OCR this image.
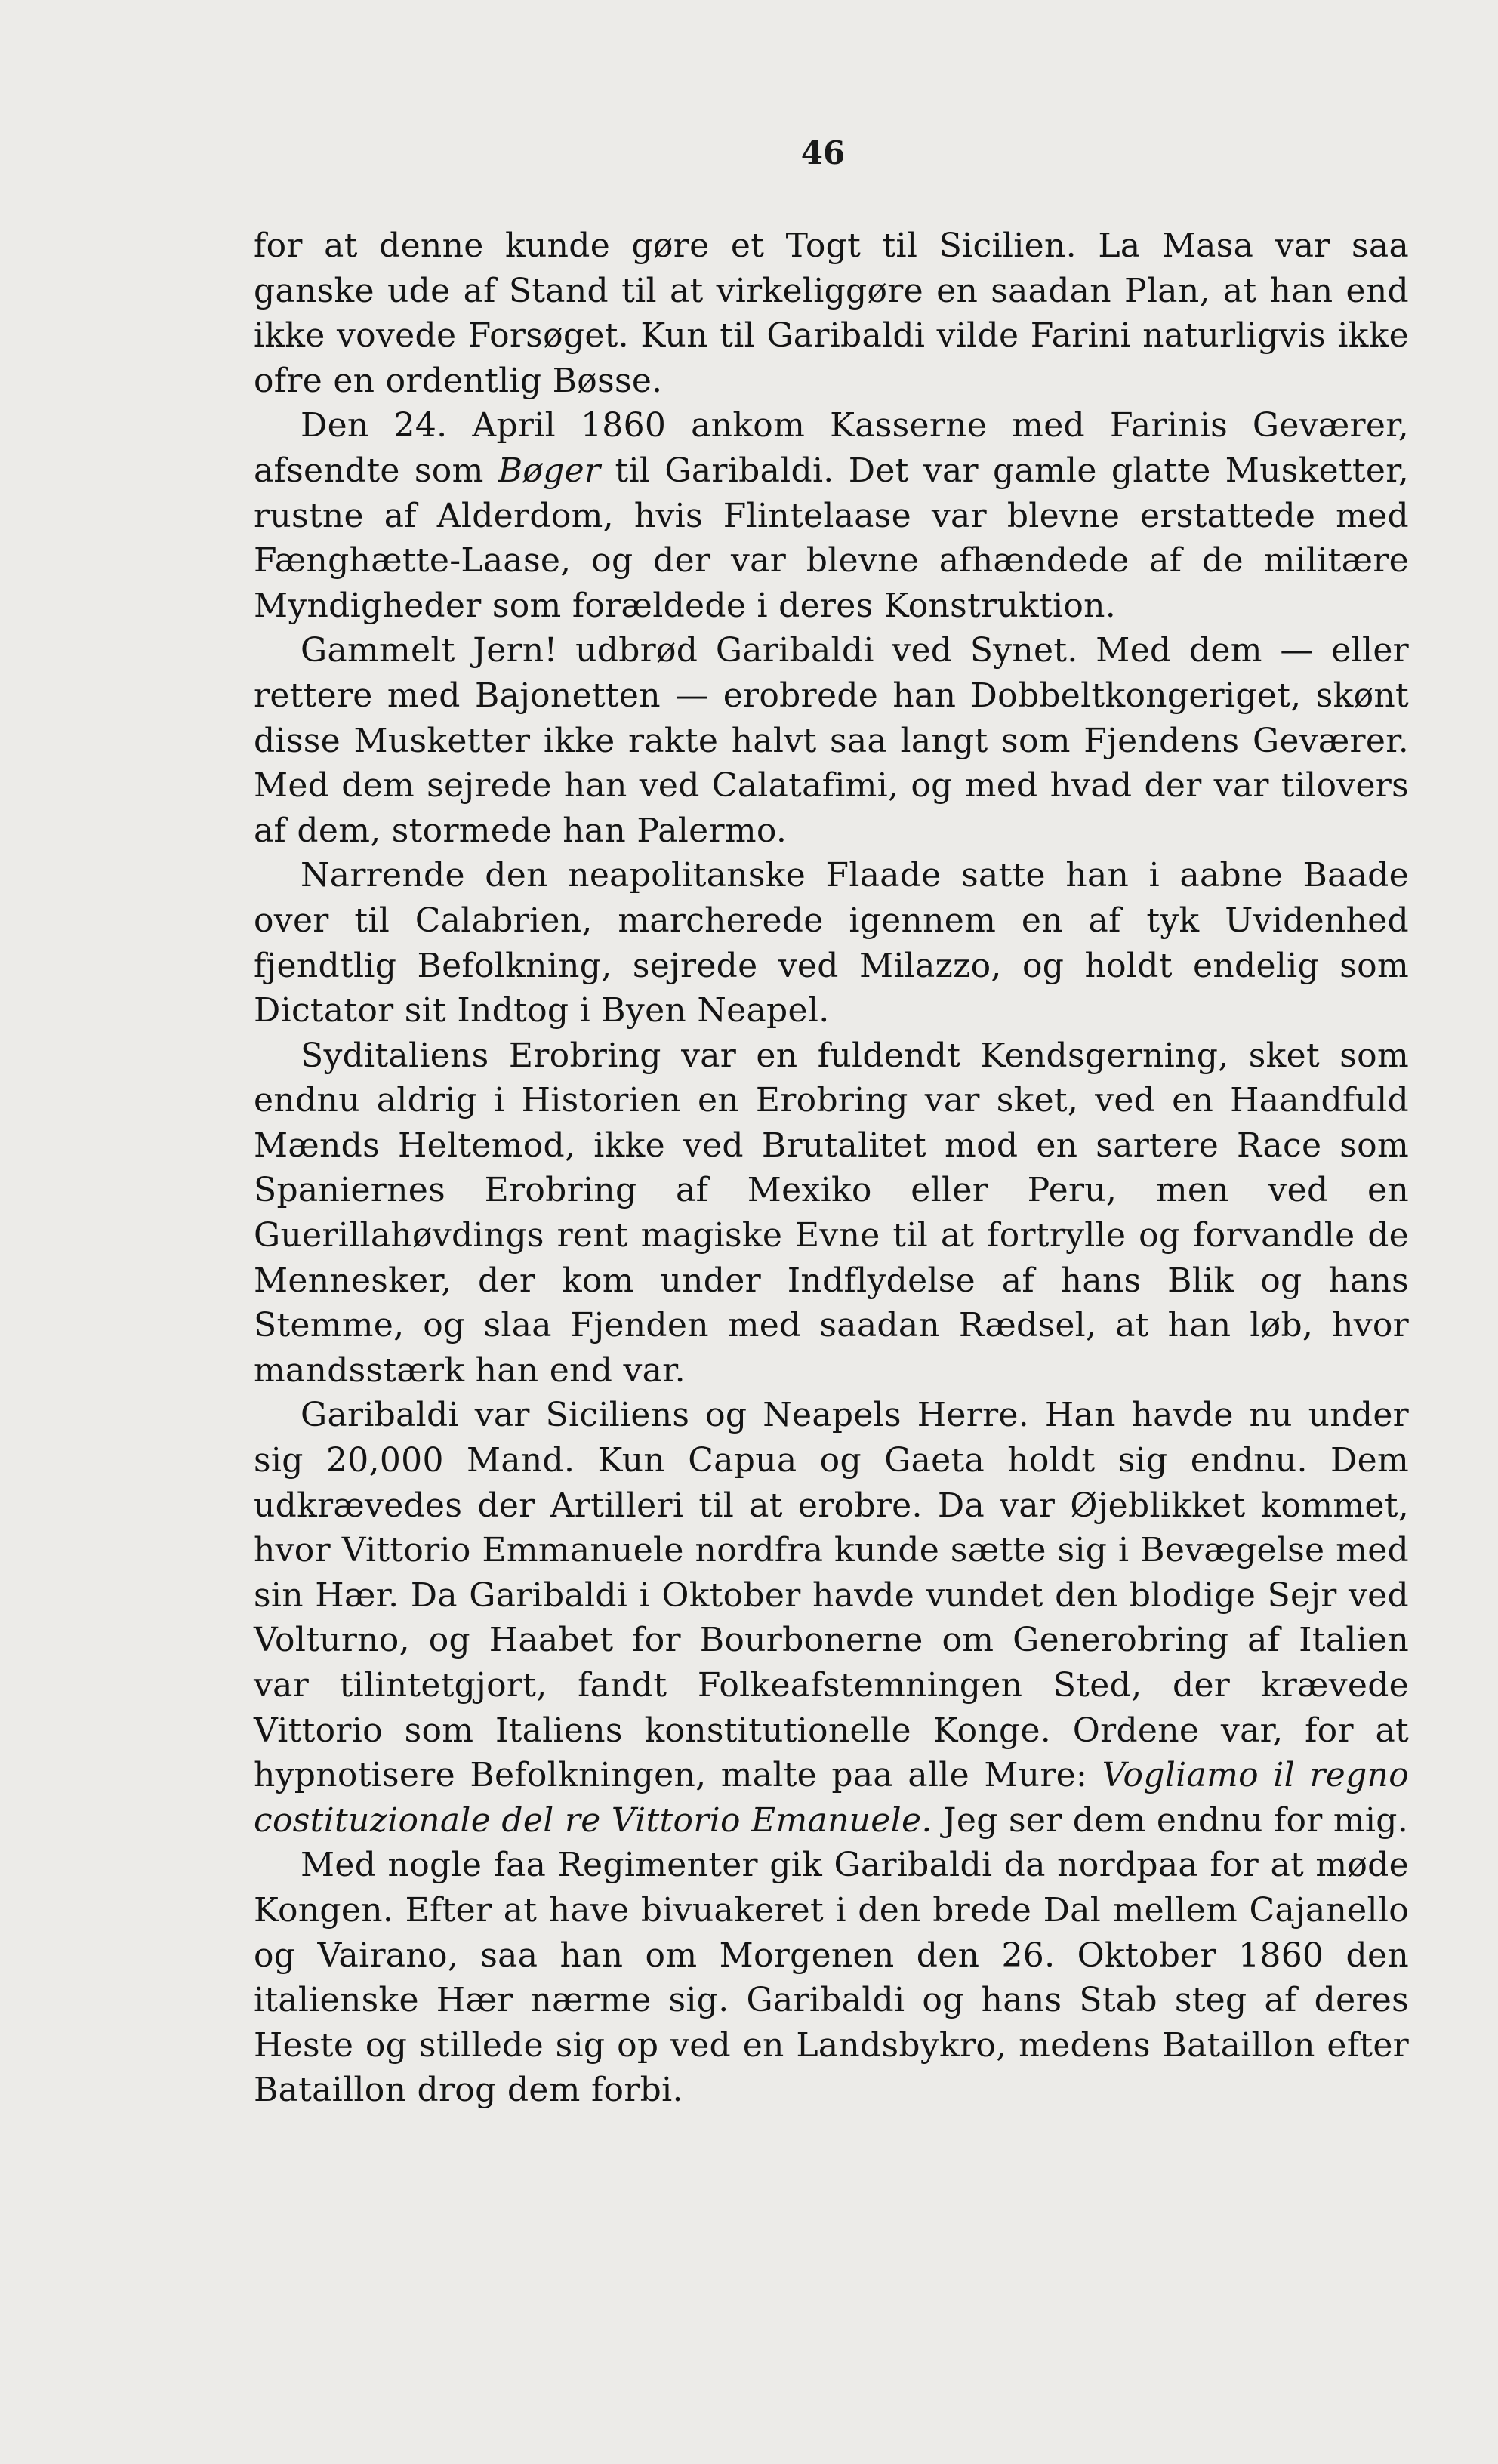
46

for at denne kunde gøre et Togt til Sicilien. La Masa var saa ganske ude af Stand til at virkeliggøre en saadan Plan, at han end ikke vovede Forsøget. Kun til Garibaldi vilde Farini naturligvis ikke ofre en ordentlig Bøsse.

Den 24. April 1860 ankom Kasserne med Farinis Geværer, afsendte som Bøger til Garibaldi. Det var gamle glatte Musketter, rustne af Alderdom, hvis Flintelaase var blevne erstattede med Fænghætte-Laase, og der var blevne afhændede af de militære Myndigheder som forældede i deres Konstruktion.

Gammelt Jern! udbrød Garibaldi ved Synet. Med dem — eller rettere med Bajonetten — erobrede han Dobbeltkongeriget, skønt disse Musketter ikke rakte halvt saa langt som Fjendens Geværer. Med dem sejrede han ved Calatafimi, og med hvad der var tilovers af dem, stormede han Palermo.

Narrende den neapolitanske Flaade satte han i aabne Baade over til Calabrien, marcherede igennem en af tyk Uvidenhed fjendtlig Befolkning, sejrede ved Milazzo, og holdt endelig som Dictator sit Indtog i Byen Neapel.

Syditaliens Erobring var en fuldendt Kendsgerning, sket som endnu aldrig i Historien en Erobring var sket, ved en Haandfuld Mænds Heltemod, ikke ved Brutalitet mod en sartere Race som Spaniernes Erobring af Mexiko eller Peru, men ved en Guerillahøvdings rent magiske Evne til at fortrylle og forvandle de Mennesker, der kom under Indflydelse af hans Blik og hans Stemme, og slaa Fjenden med saadan Rædsel, at han løb, hvor mandsstærk han end var.

Garibaldi var Siciliens og Neapels Herre. Han havde nu under sig 20,000 Mand. Kun Capua og Gaeta holdt sig endnu. Dem udkrævedes der Artilleri til at erobre. Da var Øjeblikket kommet, hvor Vittorio Emmanuele nordfra kunde sætte sig i Bevægelse med sin Hær. Da Garibaldi i Oktober havde vundet den blodige Sejr ved Volturno, og Haabet for Bourbonerne om Generobring af Italien var tilintetgjort, fandt Folkeafstemningen Sted, der krævede Vittorio som Italiens konstitutionelle Konge. Ordene var, for at hypnotisere Befolkningen, malte paa alle Mure: Vogliamo il regno costituzionale del re Vittorio Emanuele. Jeg ser dem endnu for mig.

Med nogle faa Regimenter gik Garibaldi da nordpaa for at møde Kongen. Efter at have bivuakeret i den brede Dal mellem Cajanello og Vairano, saa han om Morgenen den 26. Oktober 1860 den italienske Hær nærme sig. Garibaldi og hans Stab steg af deres Heste og stillede sig op ved en Landsbykro, medens Bataillon efter Bataillon drog dem forbi.
